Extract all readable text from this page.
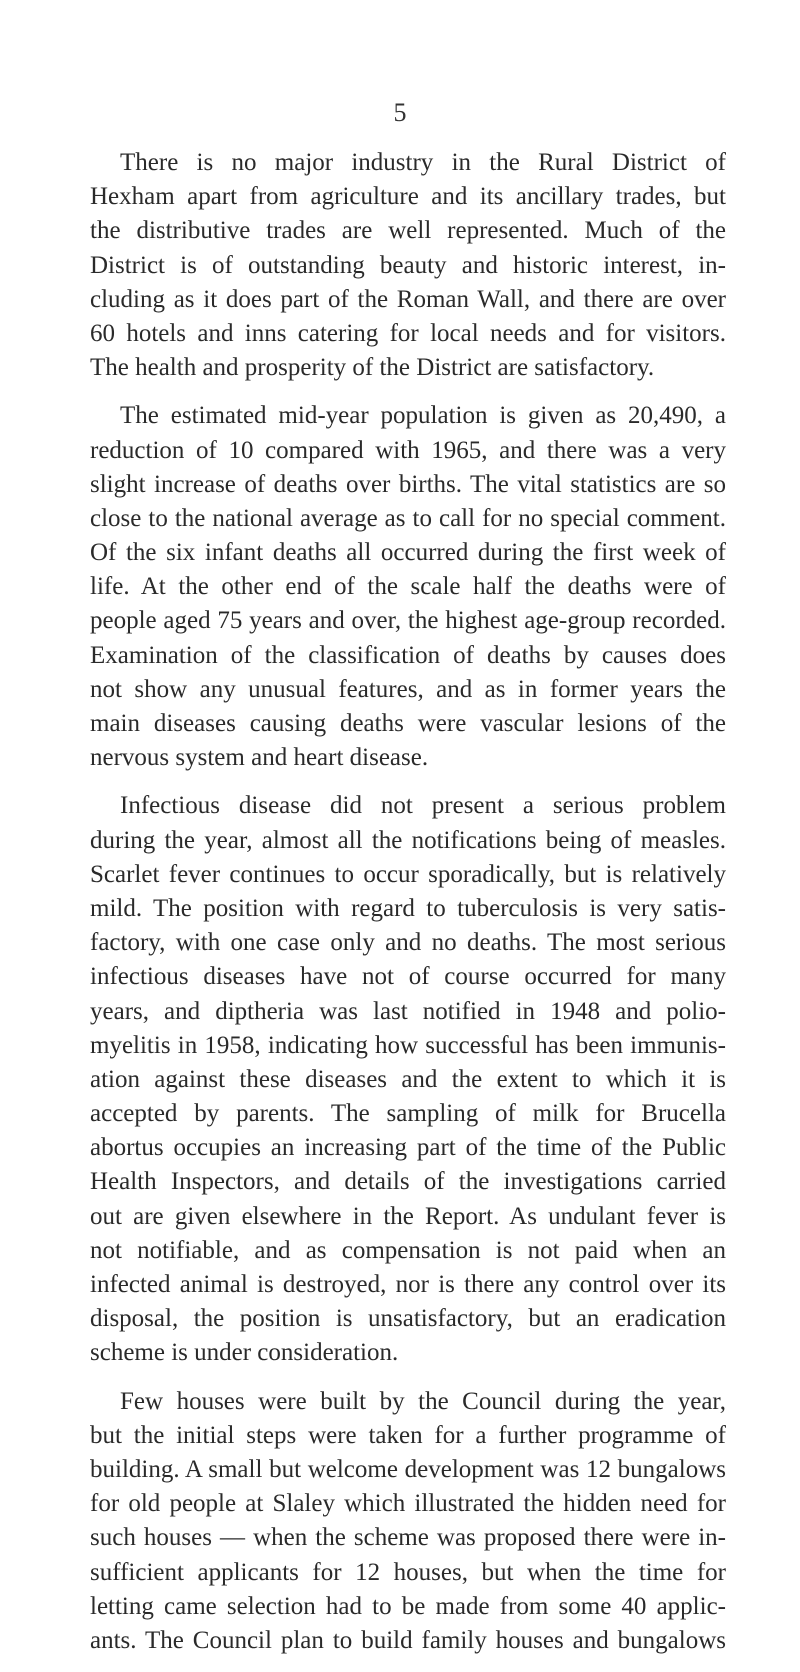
5
There is no major industry in the Rural District of
Hexham apart from agriculture and its ancillary trades, but
the distributive trades are well represented. Much of the
District is of outstanding beauty and historic interest, in-
cluding as it does part of the Roman Wall, and there are over
60 hotels and inns catering for local needs and for visitors.
The health and prosperity of the District are satisfactory.
The estimated mid-year population is given as 20,490, a
reduction of 10 compared with 1965, and there was a very
slight increase of deaths over births. The vital statistics are so
close to the national average as to call for no special comment.
Of the six infant deaths all occurred during the first week of
life. At the other end of the scale half the deaths were of
people aged 75 years and over, the highest age-group recorded.
Examination of the classification of deaths by causes does
not show any unusual features, and as in former years the
main diseases causing deaths were vascular lesions of the
nervous system and heart disease.
Infectious disease did not present a serious problem
during the year, almost all the notifications being of measles.
Scarlet fever continues to occur sporadically, but is relatively
mild. The position with regard to tuberculosis is very satis-
factory, with one case only and no deaths. The most serious
infectious diseases have not of course occurred for many
years, and diptheria was last notified in 1948 and polio-
myelitis in 1958, indicating how successful has been immunis-
ation against these diseases and the extent to which it is
accepted by parents. The sampling of milk for Brucella
abortus occupies an increasing part of the time of the Public
Health Inspectors, and details of the investigations carried
out are given elsewhere in the Report. As undulant fever is
not notifiable, and as compensation is not paid when an
infected animal is destroyed, nor is there any control over its
disposal, the position is unsatisfactory, but an eradication
scheme is under consideration.
Few houses were built by the Council during the year,
but the initial steps were taken for a further programme of
building. A small but welcome development was 12 bungalows
for old people at Slaley which illustrated the hidden need for
such houses — when the scheme was proposed there were in-
sufficient applicants for 12 houses, but when the time for
letting came selection had to be made from some 40 applic-
ants. The Council plan to build family houses and bungalows
